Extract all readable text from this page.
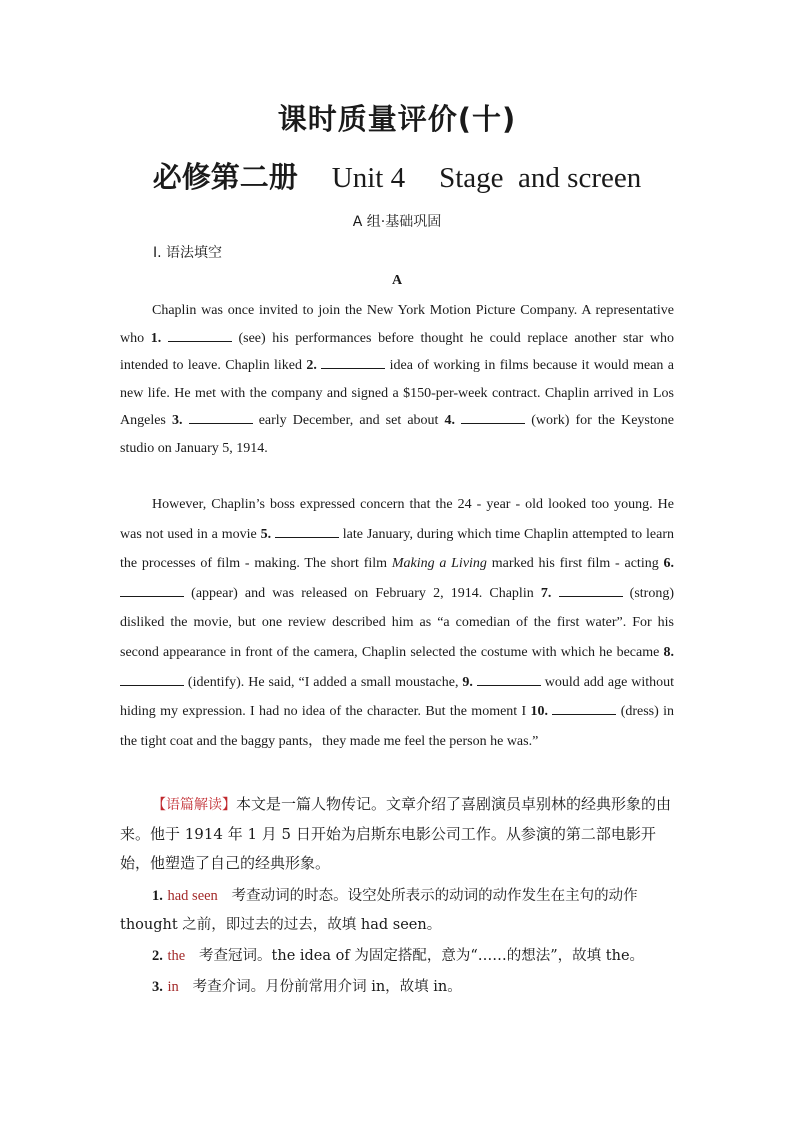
课时质量评价(十)
必修第二册 Unit 4 Stage  and screen
A 组·基础巩固
Ⅰ. 语法填空
A
Chaplin was once invited to join the New York Motion Picture Company. A representative who 1.	(see) his performances before thought he could replace another star who intended to leave. Chaplin liked 2.	idea of working in films because it would mean a new life. He met with the company and signed a $150-per-week contract. Chaplin arrived in Los Angeles 3.	early December, and set about 4.	(work) for the Keystone studio on January 5, 1914.
However, Chaplin’s boss expressed concern that the 24 - year - old looked too young. He was not used in a movie 5.	late January, during which time Chaplin attempted to learn the processes of film - making. The short film Making a Living marked his first film - acting 6.  (appear) and was released on February 2, 1914. Chaplin 7.	(strong) disliked the movie, but one review described him as “a comedian of the first water”. For his second appearance in front of the camera, Chaplin selected the costume with which he became 8.  (identify). He said, “I added a small moustache, 9.	would add age without hiding my expression. I had no idea of the character. But the moment I 10.	(dress) in the tight coat and the baggy pants，they made me feel the person he was.”
【语篇解读】本文是一篇人物传记。文章介绍了喜剧演员卓别林的经典形象的由来。他于 1914 年 1 月 5 日开始为启斯东电影公司工作。从参演的第二部电影开始，他塑造了自己的经典形象。
1. had seen 考查动词的时态。设空处所表示的动词的动作发生在主句的动作 thought 之前，即过去的过去，故填 had seen。
2. the 考查冠词。the idea of 为固定搭配，意为“……的想法”，故填 the。
3. in 考查介词。月份前常用介词 in，故填 in。
